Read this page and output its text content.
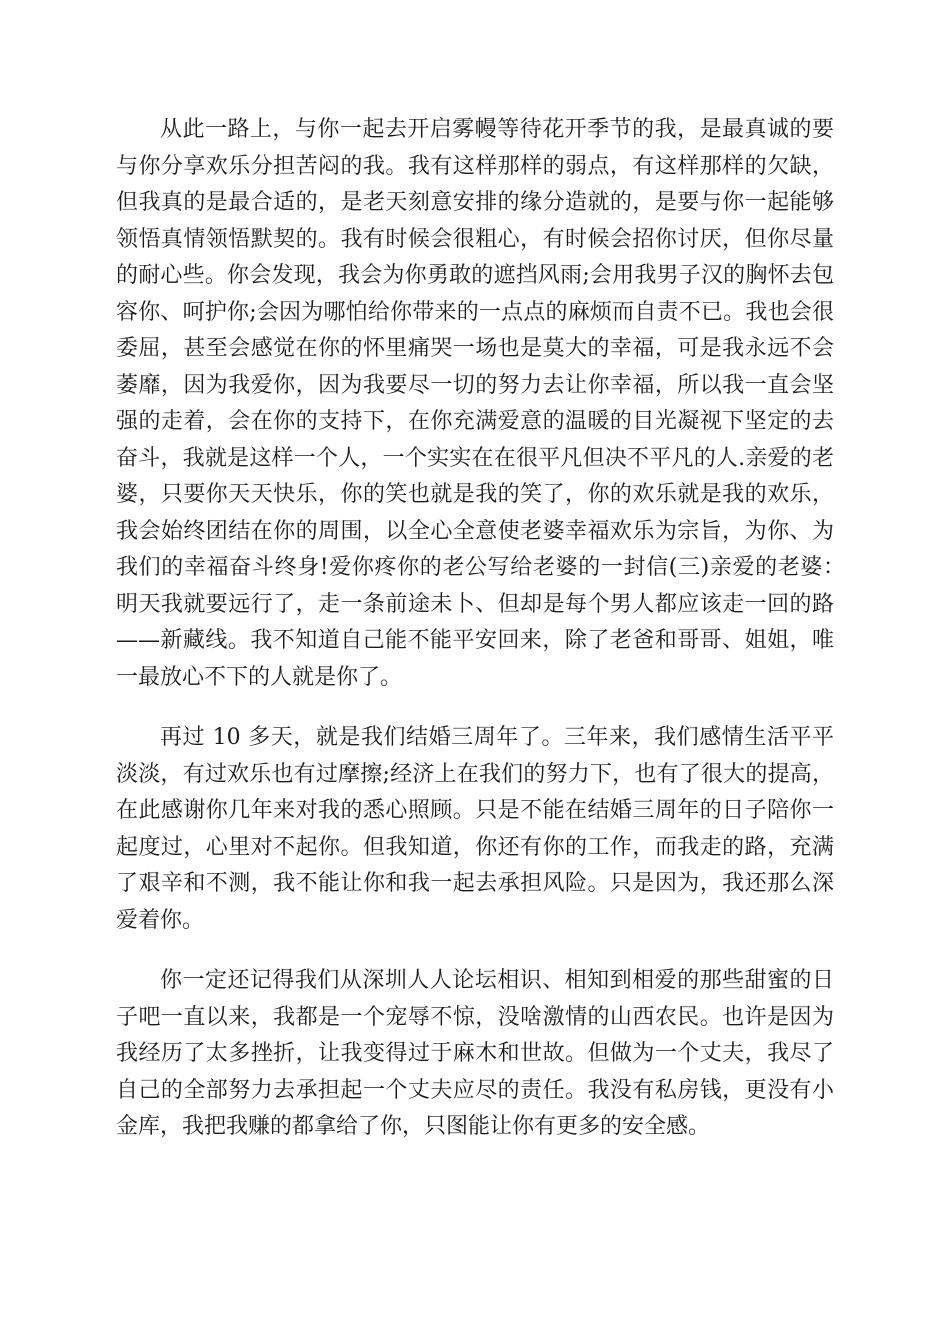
从此一路上，与你一起去开启雾幔等待花开季节的我，是最真诚的要与你分享欢乐分担苦闷的我。我有这样那样的弱点，有这样那样的欠缺，但我真的是最合适的，是老天刻意安排的缘分造就的，是要与你一起能够领悟真情领悟默契的。我有时候会很粗心，有时候会招你讨厌，但你尽量的耐心些。你会发现，我会为你勇敢的遮挡风雨;会用我男子汉的胸怀去包容你、呵护你;会因为哪怕给你带来的一点点的麻烦而自责不已。我也会很委屈，甚至会感觉在你的怀里痛哭一场也是莫大的幸福，可是我永远不会萎靡，因为我爱你，因为我要尽一切的努力去让你幸福，所以我一直会坚强的走着，会在你的支持下，在你充满爱意的温暖的目光凝视下坚定的去奋斗，我就是这样一个人，一个实实在在很平凡但决不平凡的人.亲爱的老婆，只要你天天快乐，你的笑也就是我的笑了，你的欢乐就是我的欢乐，我会始终团结在你的周围，以全心全意使老婆幸福欢乐为宗旨，为你、为我们的幸福奋斗终身!爱你疼你的老公写给老婆的一封信(三)亲爱的老婆：　　明天我就要远行了，走一条前途未卜、但却是每个男人都应该走一回的路——新藏线。我不知道自己能不能平安回来，除了老爸和哥哥、姐姐，唯一最放心不下的人就是你了。

再过 10 多天，就是我们结婚三周年了。三年来，我们感情生活平平淡淡，有过欢乐也有过摩擦;经济上在我们的努力下，也有了很大的提高，在此感谢你几年来对我的悉心照顾。只是不能在结婚三周年的日子陪你一起度过，心里对不起你。但我知道，你还有你的工作，而我走的路，充满了艰辛和不测，我不能让你和我一起去承担风险。只是因为，我还那么深爱着你。

你一定还记得我们从深圳人人论坛相识、相知到相爱的那些甜蜜的日子吧一直以来，我都是一个宠辱不惊，没啥激情的山西农民。也许是因为我经历了太多挫折，让我变得过于麻木和世故。但做为一个丈夫，我尽了自己的全部努力去承担起一个丈夫应尽的责任。我没有私房钱，更没有小金库，我把我赚的都拿给了你，只图能让你有更多的安全感。
